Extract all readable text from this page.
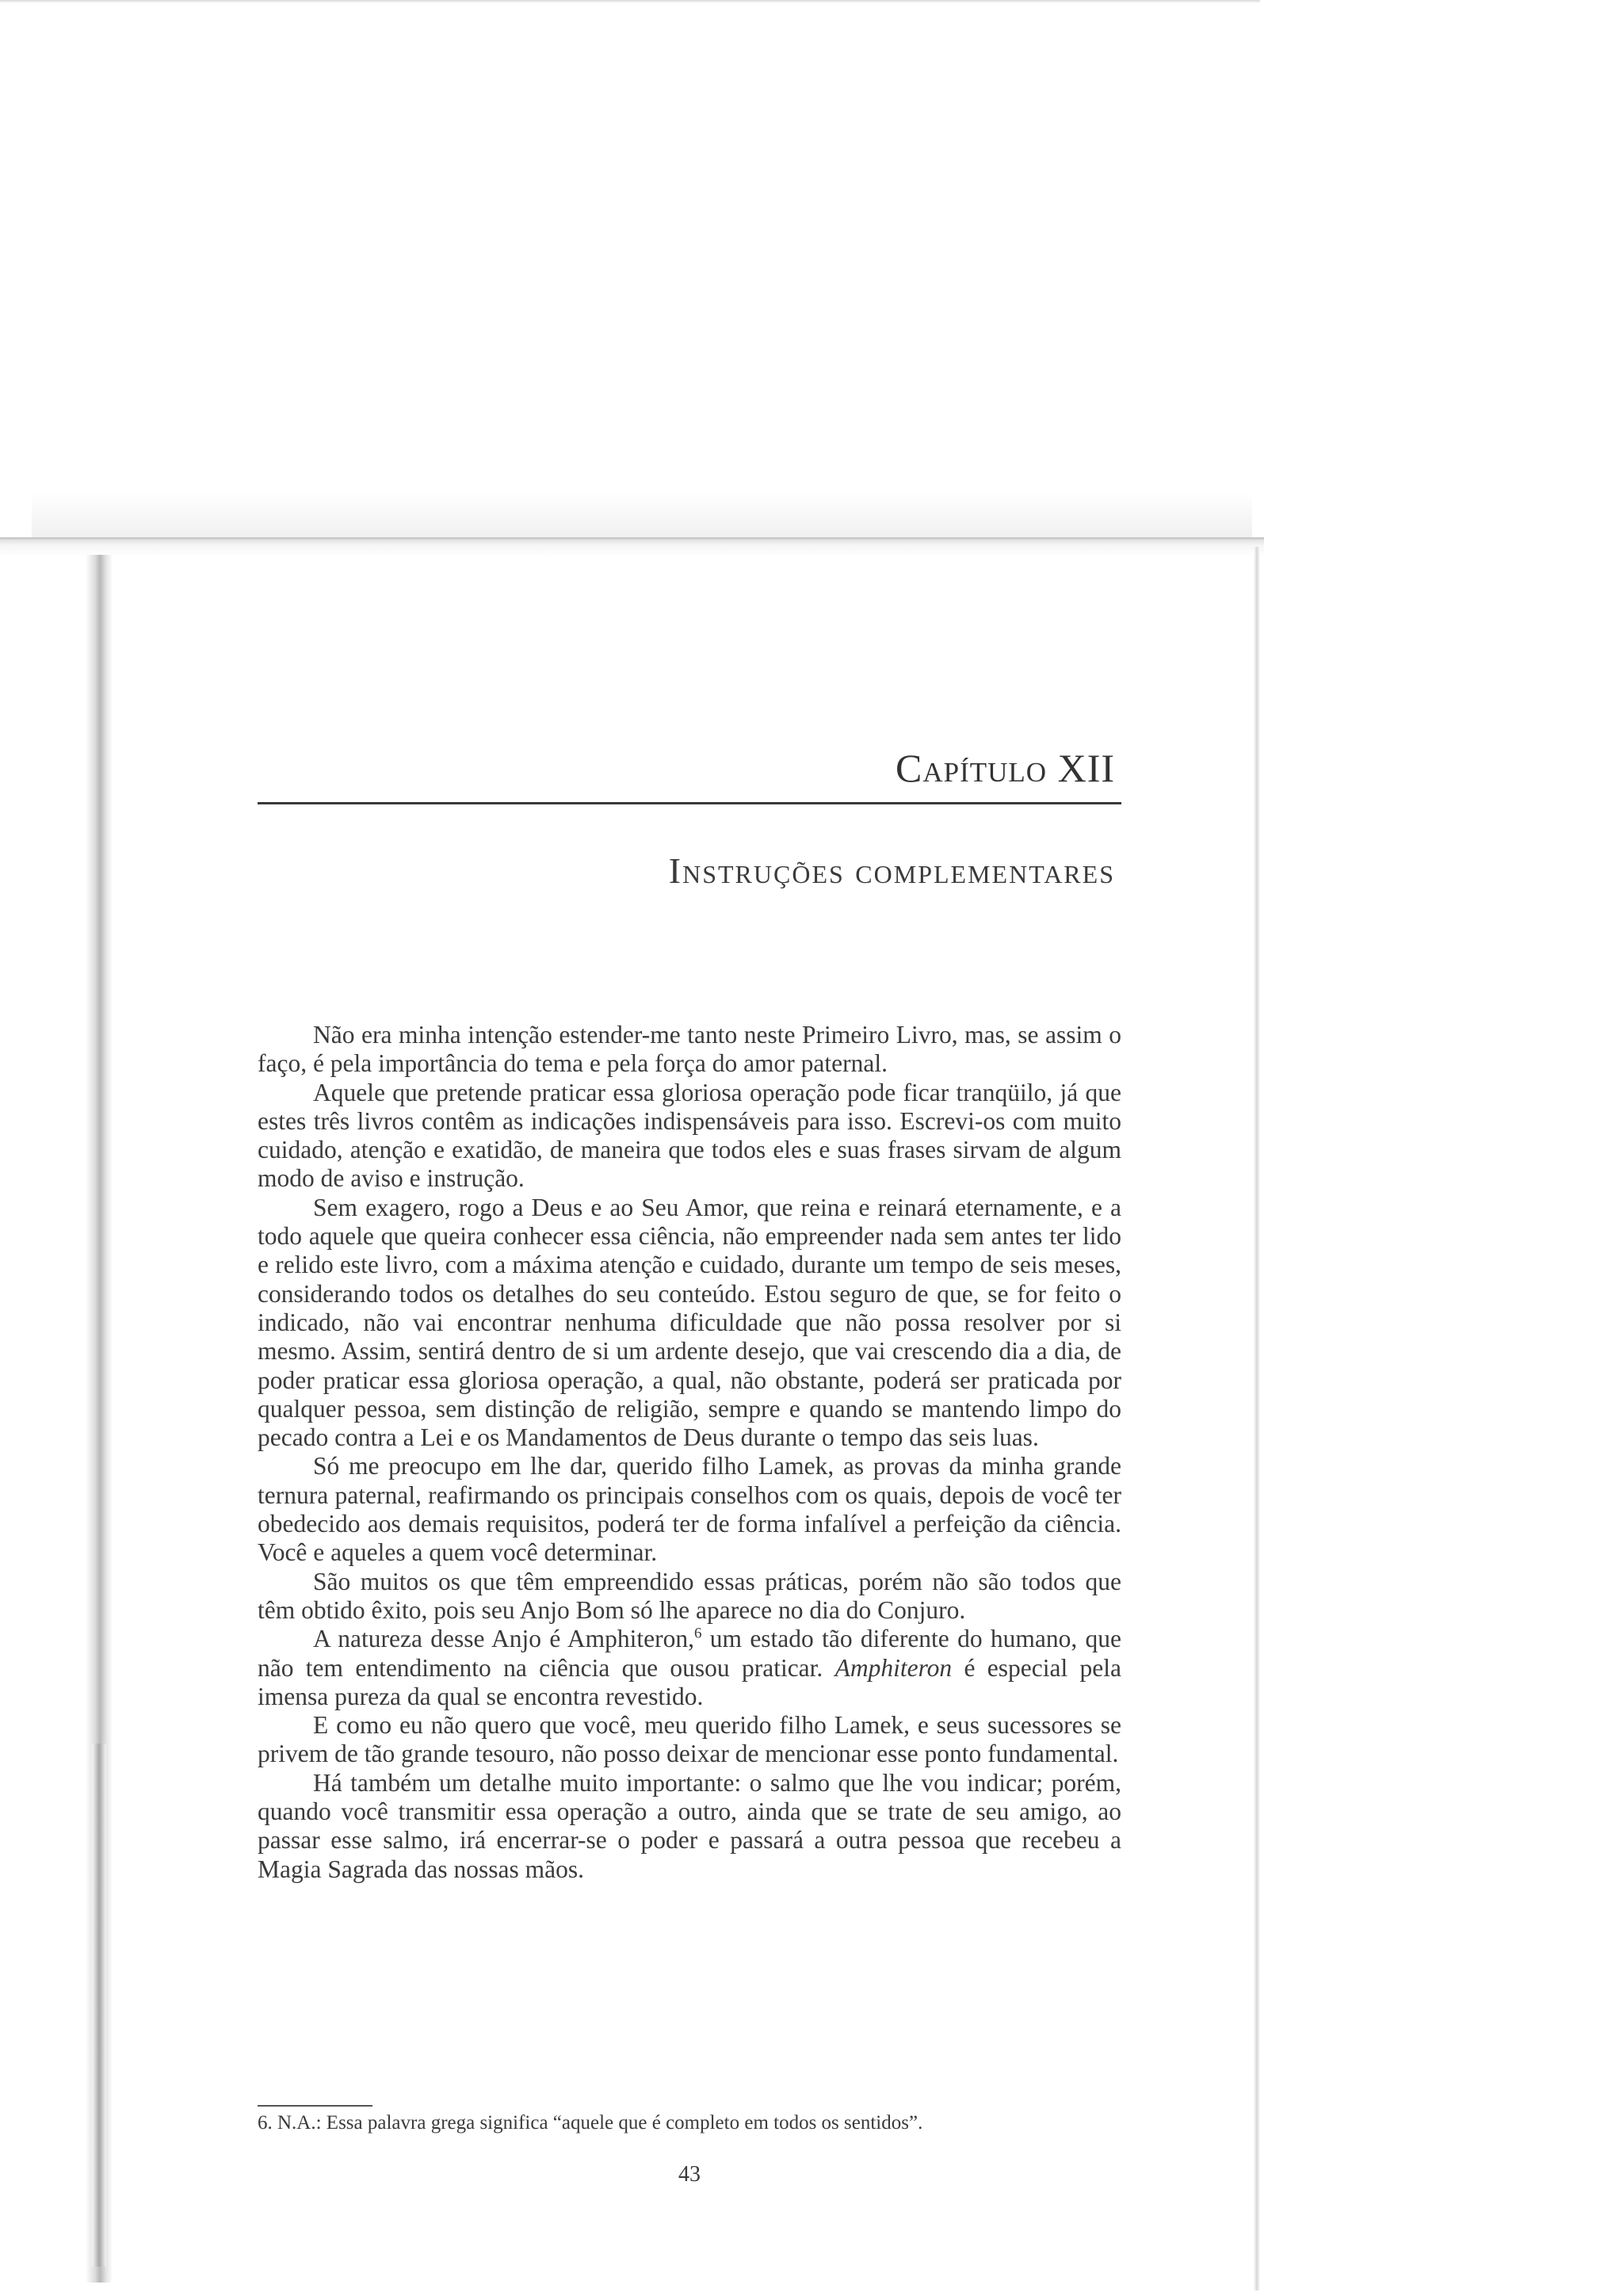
Capítulo XII
Instruções complementares

Não era minha intenção estender-me tanto neste Primeiro Livro, mas, se assim o faço, é pela importância do tema e pela força do amor paternal.

Aquele que pretende praticar essa gloriosa operação pode ficar tranqüilo, já que estes três livros contêm as indicações indispensáveis para isso. Escrevi-os com muito cuidado, atenção e exatidão, de maneira que todos eles e suas frases sirvam de algum modo de aviso e instrução.

Sem exagero, rogo a Deus e ao Seu Amor, que reina e reinará eternamente, e a todo aquele que queira conhecer essa ciência, não empreender nada sem antes ter lido e relido este livro, com a máxima atenção e cuidado, durante um tempo de seis meses, considerando todos os detalhes do seu conteúdo. Estou seguro de que, se for feito o indicado, não vai encontrar nenhuma dificuldade que não possa resolver por si mesmo. Assim, sentirá dentro de si um ardente desejo, que vai crescendo dia a dia, de poder praticar essa gloriosa operação, a qual, não obstante, poderá ser praticada por qualquer pessoa, sem distinção de religião, sempre e quando se mantendo limpo do pecado contra a Lei e os Mandamentos de Deus durante o tempo das seis luas.

Só me preocupo em lhe dar, querido filho Lamek, as provas da minha grande ternura paternal, reafirmando os principais conselhos com os quais, depois de você ter obedecido aos demais requisitos, poderá ter de forma infalível a perfeição da ciência. Você e aqueles a quem você determinar.

São muitos os que têm empreendido essas práticas, porém não são todos que têm obtido êxito, pois seu Anjo Bom só lhe aparece no dia do Conjuro.

A natureza desse Anjo é Amphiteron,$^6$ um estado tão diferente do humano, que não tem entendimento na ciência que ousou praticar. Amphiteron é especial pela imensa pureza da qual se encontra revestido.

E como eu não quero que você, meu querido filho Lamek, e seus sucessores se privem de tão grande tesouro, não posso deixar de mencionar esse ponto fundamental.

Há também um detalhe muito importante: o salmo que lhe vou indicar; porém, quando você transmitir essa operação a outro, ainda que se trate de seu amigo, ao passar esse salmo, irá encerrar-se o poder e passará a outra pessoa que recebeu a Magia Sagrada das nossas mãos.

6. N.A.: Essa palavra grega significa “aquele que é completo em todos os sentidos”.
43
